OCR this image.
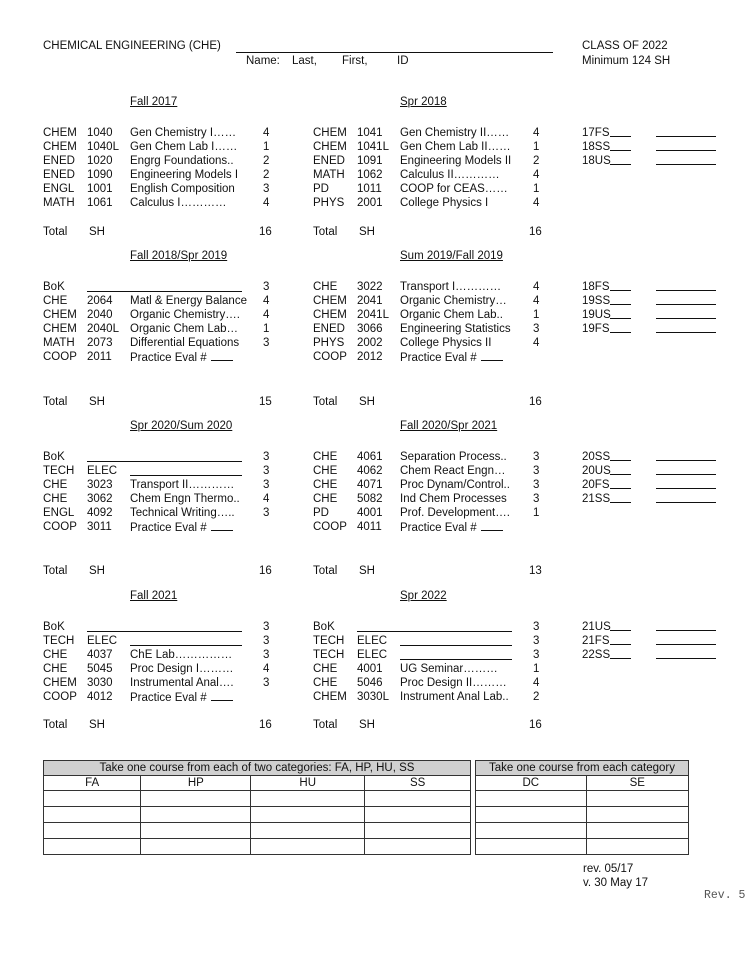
CHEMICAL ENGINEERING (CHE)
Name: Last, First,	ID
CLASS OF 2022
Minimum 124 SH
Fall 2017
CHEM 1040 Gen Chemistry I…… 4
CHEM 1040L Gen Chem Lab I…… 1
ENED 1020 Engrg Foundations..	2
ENED 1090 Engineering Models I 2
ENGL 1001 English Composition 3
MATH 1061 Calculus I…………	4
Total SH	16
Spr 2018
CHEM 1041 Gen Chemistry II…… 4
CHEM 1041L Gen Chem Lab II…… 1
ENED 1091 Engineering Models II 2
MATH 1062 Calculus II…………	4
PD 1011 COOP for CEAS…… 1
PHYS 2001 College Physics I	4
Total SH	16
Fall 2018/Spr 2019
BoK	3
CHE 2064 Matl & Energy Balance 4
CHEM 2040 Organic Chemistry…. 4
CHEM 2040L Organic Chem Lab… 1
MATH 2073 Differential Equations 3
COOP 2011 Practice Eval #
Total SH	15
Sum 2019/Fall 2019
CHE 3022 Transport I…………	4
CHEM 2041 Organic Chemistry… 4
CHEM 2041L Organic Chem Lab..	1
ENED 3066 Engineering Statistics 3
PHYS 2002 College Physics II	4
COOP 2012 Practice Eval #
Total SH	16
Spr 2020/Sum 2020
BoK	3
TECH ELEC	3
CHE 3023 Transport II………… 3
CHE 3062 Chem Engn Thermo.. 4
ENGL 4092 Technical Writing….. 3
COOP 3011 Practice Eval #
Total SH	16
Fall 2020/Spr 2021
CHE 4061 Separation Process.. 3
CHE 4062 Chem React Engn… 3
CHE 4071 Proc Dynam/Control.. 3
CHE 5082 Ind Chem Processes 3
PD 4001 Prof. Development…. 1
COOP 4011 Practice Eval #
Total SH	13
Fall 2021
BoK	3
TECH ELEC	3
CHE 4037 ChE Lab……………	3
CHE 5045 Proc Design I………	4
CHEM 3030 Instrumental Anal….	3
COOP 4012 Practice Eval #
Total SH	16
Spr 2022
BoK	3
TECH ELEC	3
TECH ELEC	3
CHE 4001 UG Seminar………	1
CHE 5046 Proc Design II……… 4
CHEM 3030L Instrument Anal Lab.. 2
Total SH	16
17FS
18SS
18US
18FS
19SS
19US
19FS
20SS
20US
20FS
21SS
21US
21FS
22SS
Take one course from each of two categories: FA, HP, HU, SS			
FA	HP	HU	SS

Take one course from each category	
DC	SE

rev. 05/17
v. 30 May 17
Rev. 5
